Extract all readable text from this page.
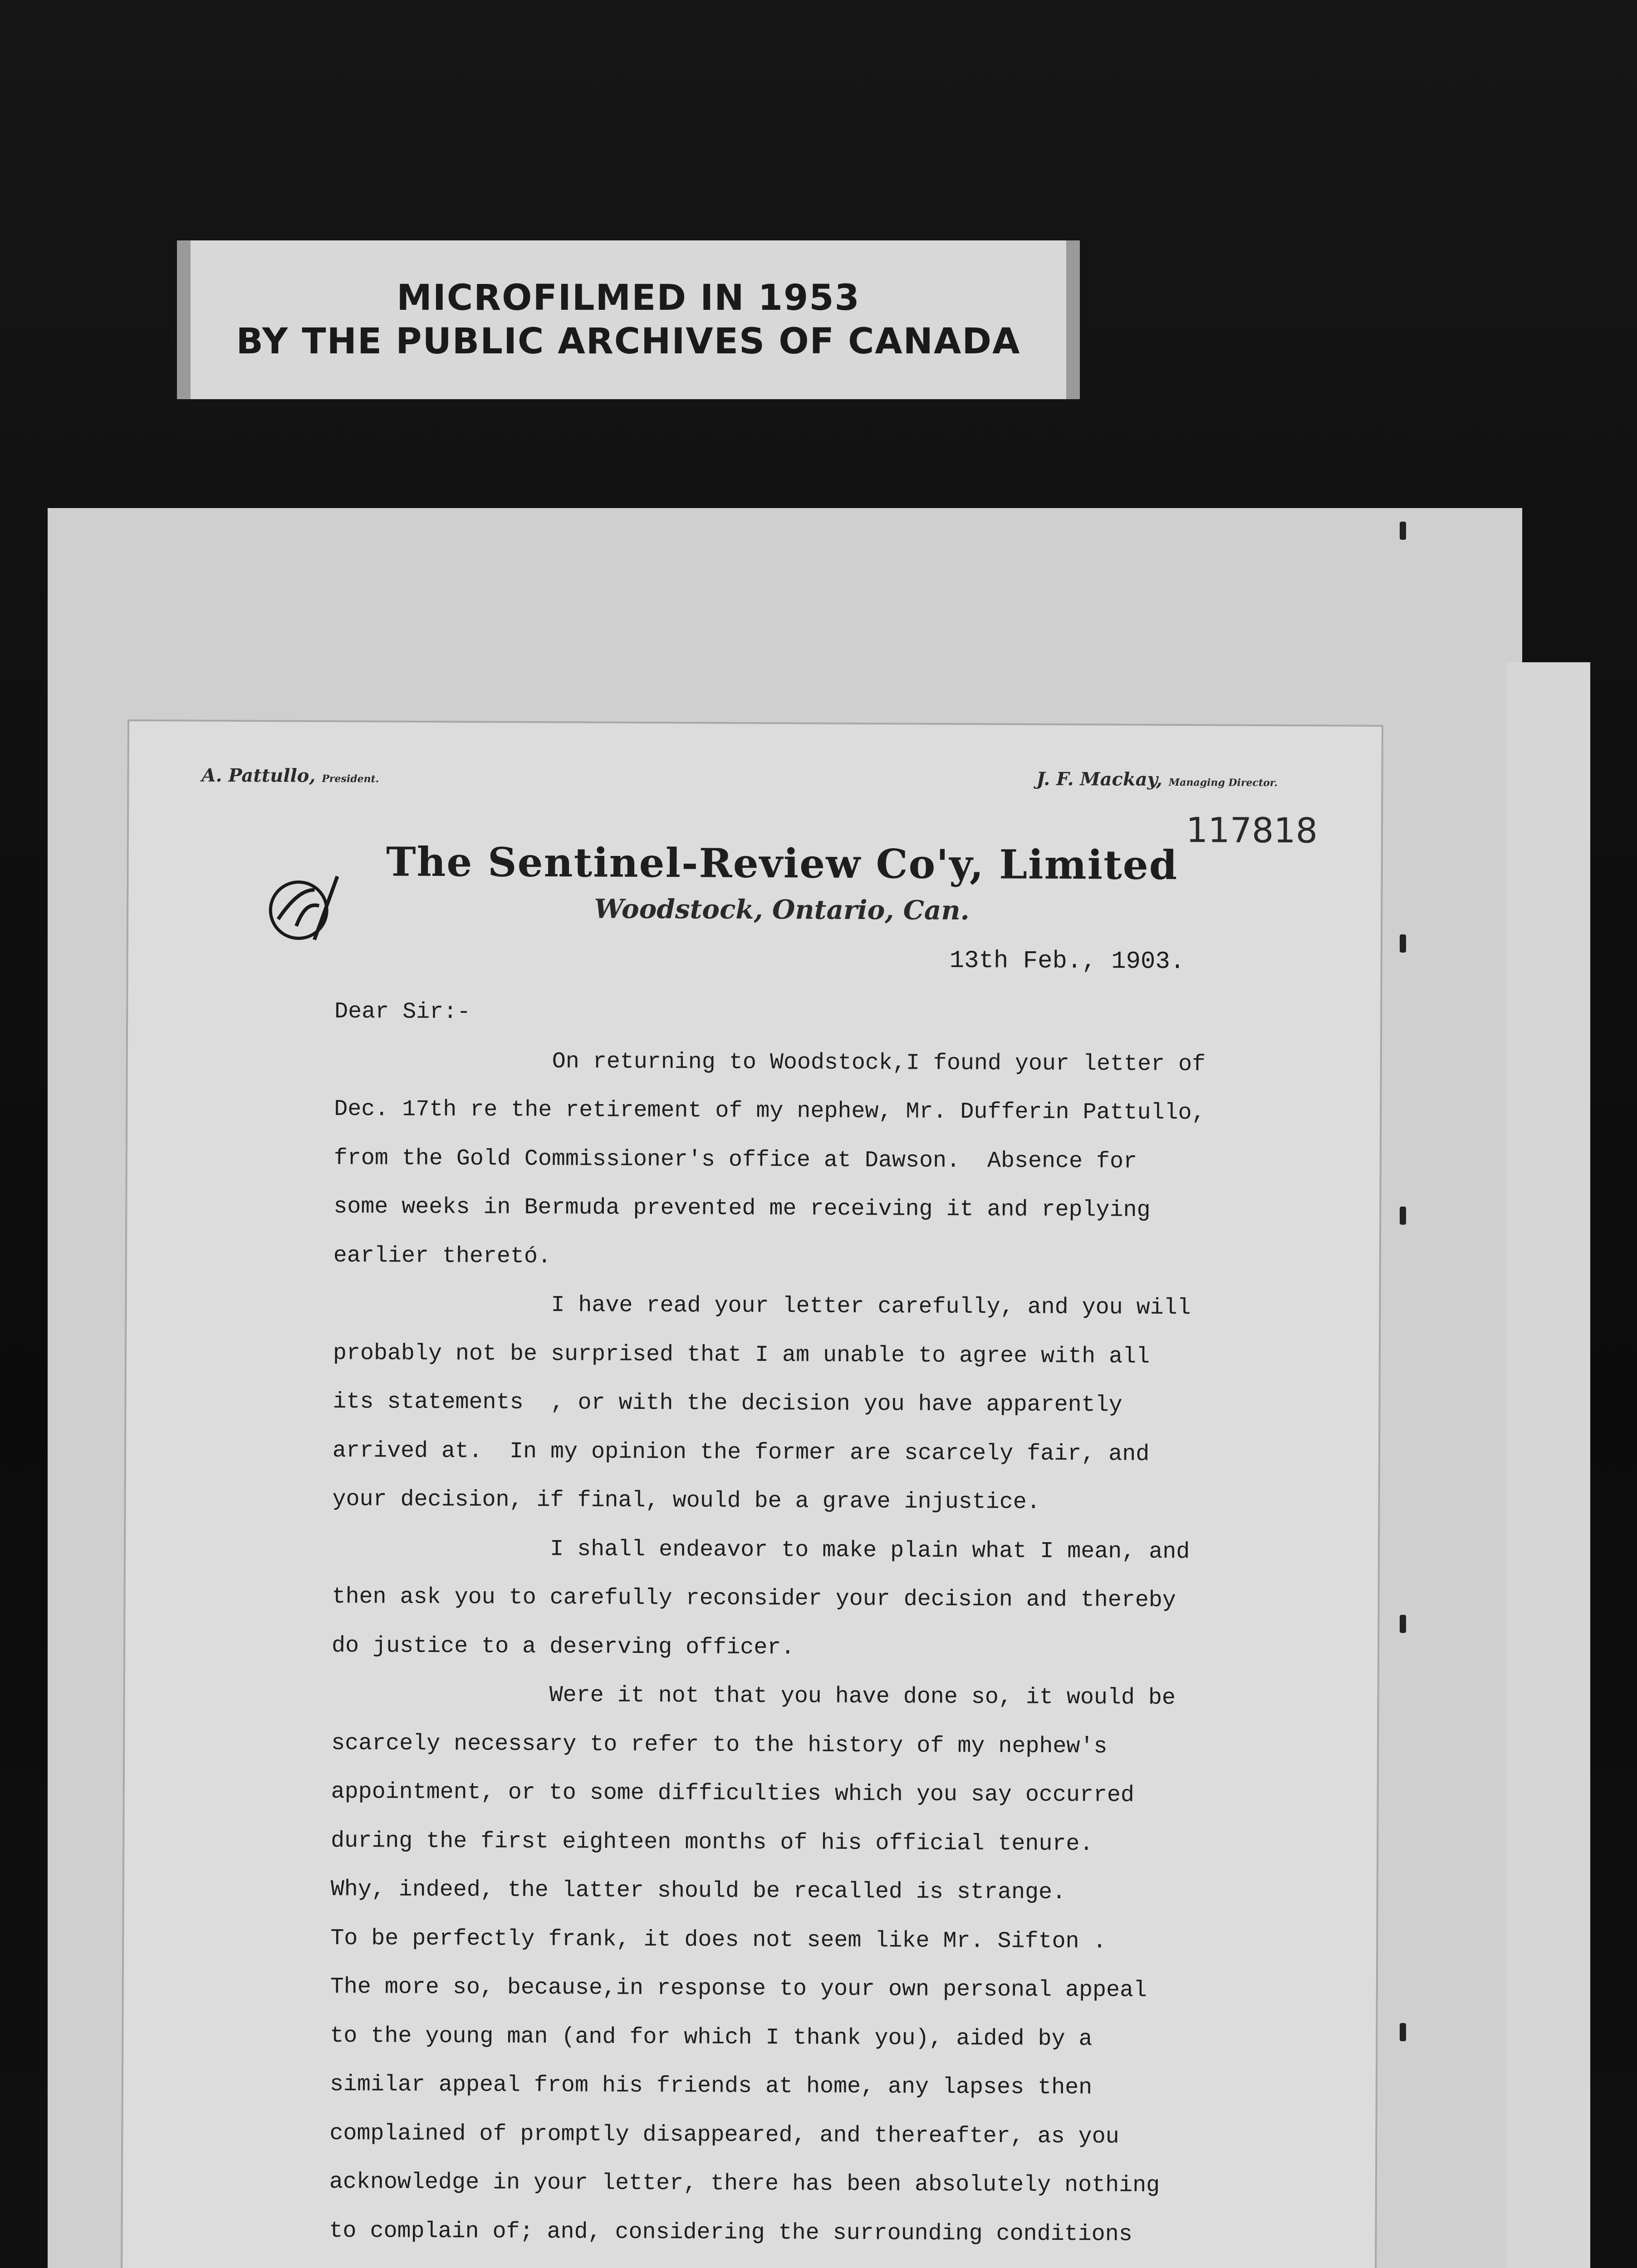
MICROFILMED IN 1953
BY THE PUBLIC ARCHIVES OF CANADA
A. Pattullo, President.	J. F. Mackay, Managing Director.
117818
The Sentinel-Review Co'y, Limited
Woodstock, Ontario, Can.
13th Feb., 1903.
Dear Sir:-
On returning to Woodstock,I found your letter of
Dec. 17th re the retirement of my nephew, Mr. Dufferin Pattullo,
from the Gold Commissioner's office at Dawson.  Absence for
some weeks in Bermuda prevented me receiving it and replying
earlier theretó.
I have read your letter carefully, and you will
probably not be surprised that I am unable to agree with all
its statements  , or with the decision you have apparently
arrived at.  In my opinion the former are scarcely fair, and
your decision, if final, would be a grave injustice.
I shall endeavor to make plain what I mean, and
then ask you to carefully reconsider your decision and thereby
do justice to a deserving officer.
Were it not that you have done so, it would be
scarcely necessary to refer to the history of my nephew's
appointment, or to some difficulties which you say occurred
during the first eighteen months of his official tenure.
Why, indeed, the latter should be recalled is strange.
To be perfectly frank, it does not seem like Mr. Sifton .
The more so, because,in response to your own personal appeal
to the young man (and for which I thank you), aided by a
similar appeal from his friends at home, any lapses then
complained of promptly disappeared, and thereafter, as you
acknowledge in your letter, there has been absolutely nothing
to complain of; and, considering the surrounding conditions
